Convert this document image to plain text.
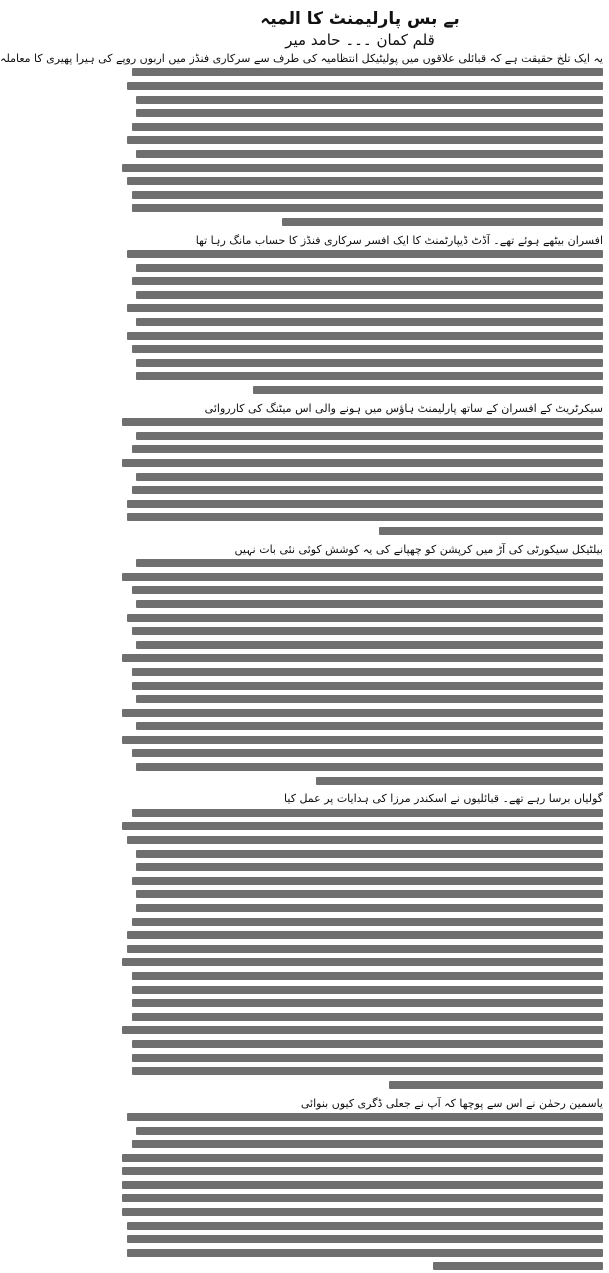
بے بس پارلیمنٹ کا المیہ
قلم کمان ۔۔۔ حامد میر
یہ ایک تلخ حقیقت ہے کہ قبائلی علاقوں میں پولیٹیکل انتظامیہ کی طرف سے سرکاری فنڈز میں اربوں روپے کی ہیرا پھیری کا معاملہ
افسران بیٹھے ہوئے تھے۔ آڈٹ ڈیپارٹمنٹ کا ایک افسر سرکاری فنڈز کا حساب مانگ رہا تھا
سیکرٹریٹ کے افسران کے ساتھ پارلیمنٹ ہاؤس میں ہونے والی اس میٹنگ کی کارروائی
بیلٹیکل سیکورٹی کی آڑ میں کرپشن کو چھپانے کی یہ کوشش کوئی نئی بات نہیں
گولیاں برسا رہے تھے۔ قبائلیوں نے اسکندر مرزا کی ہدایات پر عمل کیا
یاسمین رحمٰن نے اس سے پوچھا کہ آپ نے جعلی ڈگری کیوں بنوائی
